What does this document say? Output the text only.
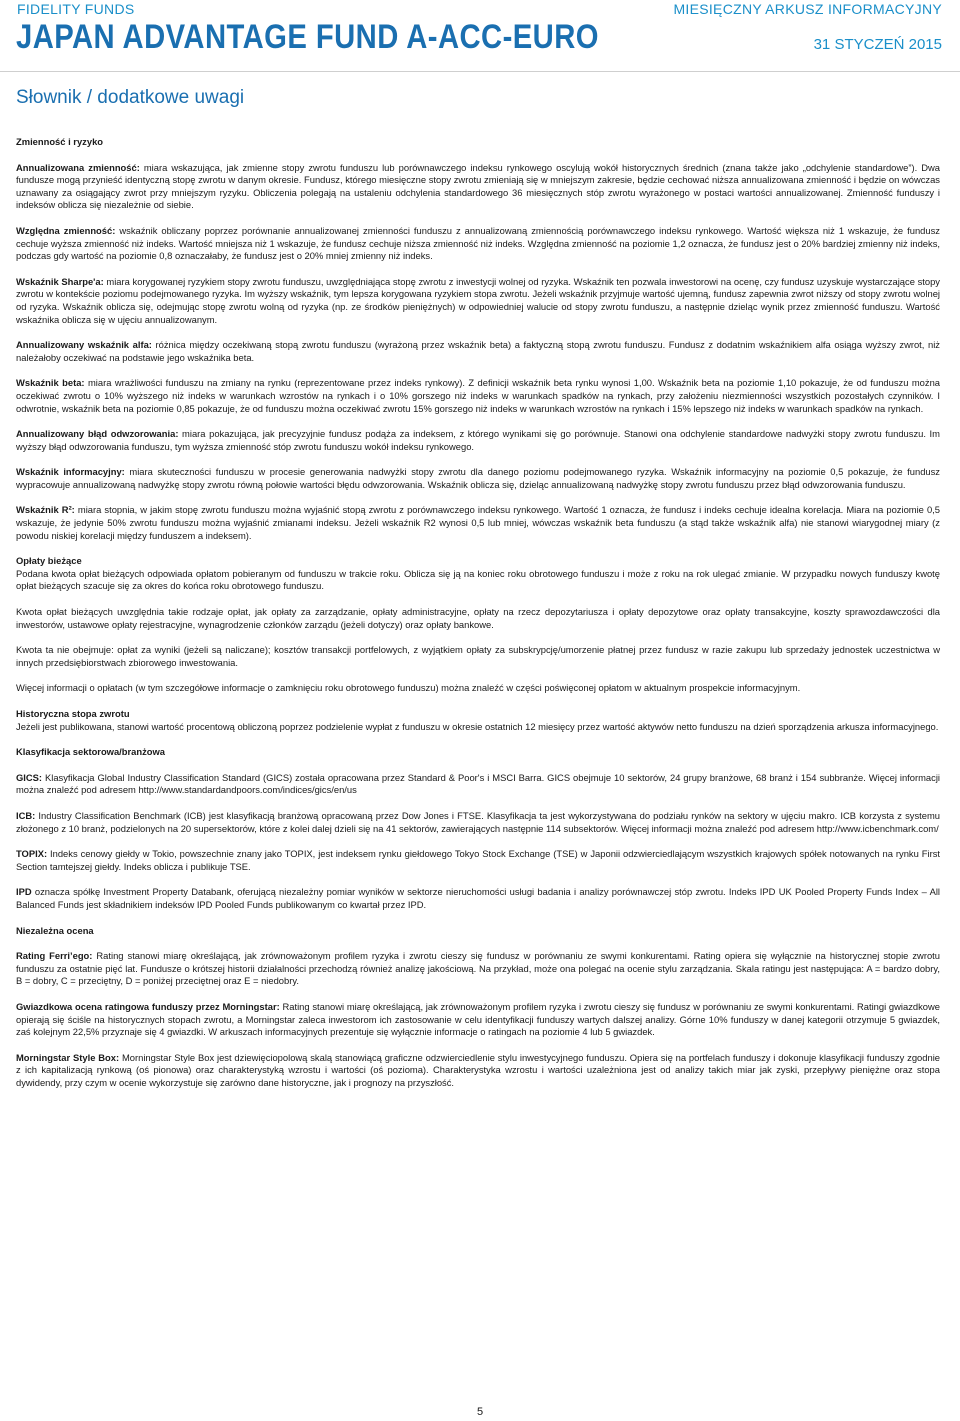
FIDELITY FUNDS
JAPAN ADVANTAGE FUND A-ACC-EURO
MIESIĘCZNY ARKUSZ INFORMACYJNY
31 STYCZEŃ 2015
Słownik / dodatkowe uwagi
Zmienność i ryzyko

Annualizowana zmienność: miara wskazująca, jak zmienne stopy zwrotu funduszu lub porównawczego indeksu rynkowego oscylują wokół historycznych średnich (znana także jako „odchylenie standardowe”). Dwa fundusze mogą przynieść identyczną stopę zwrotu w danym okresie. Fundusz, którego miesięczne stopy zwrotu zmieniają się w mniejszym zakresie, będzie cechować niższa annualizowana zmienność i będzie on wówczas uznawany za osiągający zwrot przy mniejszym ryzyku. Obliczenia polegają na ustaleniu odchylenia standardowego 36 miesięcznych stóp zwrotu wyrażonego w postaci wartości annualizowanej. Zmienność funduszy i indeksów oblicza się niezależnie od siebie.

Względna zmienność: wskaźnik obliczany poprzez porównanie annualizowanej zmienności funduszu z annualizowaną zmiennością porównawczego indeksu rynkowego. Wartość większa niż 1 wskazuje, że fundusz cechuje wyższa zmienność niż indeks. Wartość mniejsza niż 1 wskazuje, że fundusz cechuje niższa zmienność niż indeks. Względna zmienność na poziomie 1,2 oznacza, że fundusz jest o 20% bardziej zmienny niż indeks, podczas gdy wartość na poziomie 0,8 oznaczałaby, że fundusz jest o 20% mniej zmienny niż indeks.

Wskaźnik Sharpe'a: miara korygowanej ryzykiem stopy zwrotu funduszu, uwzględniająca stopę zwrotu z inwestycji wolnej od ryzyka. Wskaźnik ten pozwala inwestorowi na ocenę, czy fundusz uzyskuje wystarczające stopy zwrotu w kontekście poziomu podejmowanego ryzyka. Im wyższy wskaźnik, tym lepsza korygowana ryzykiem stopa zwrotu. Jeżeli wskaźnik przyjmuje wartość ujemną, fundusz zapewnia zwrot niższy od stopy zwrotu wolnej od ryzyka. Wskaźnik oblicza się, odejmując stopę zwrotu wolną od ryzyka (np. ze środków pieniężnych) w odpowiedniej walucie od stopy zwrotu funduszu, a następnie dzieląc wynik przez zmienność funduszu. Wartość wskaźnika oblicza się w ujęciu annualizowanym.

Annualizowany wskaźnik alfa: różnica między oczekiwaną stopą zwrotu funduszu (wyrażoną przez wskaźnik beta) a faktyczną stopą zwrotu funduszu. Fundusz z dodatnim wskaźnikiem alfa osiąga wyższy zwrot, niż należałoby oczekiwać na podstawie jego wskaźnika beta.

Wskaźnik beta: miara wrażliwości funduszu na zmiany na rynku (reprezentowane przez indeks rynkowy). Z definicji wskaźnik beta rynku wynosi 1,00. Wskaźnik beta na poziomie 1,10 pokazuje, że od funduszu można oczekiwać zwrotu o 10% wyższego niż indeks w warunkach wzrostów na rynkach i o 10% gorszego niż indeks w warunkach spadków na rynkach, przy założeniu niezmienności wszystkich pozostałych czynników. I odwrotnie, wskaźnik beta na poziomie 0,85 pokazuje, że od funduszu można oczekiwać zwrotu 15% gorszego niż indeks w warunkach wzrostów na rynkach i 15% lepszego niż indeks w warunkach spadków na rynkach.

Annualizowany błąd odwzorowania: miara pokazująca, jak precyzyjnie fundusz podąża za indeksem, z którego wynikami się go porównuje. Stanowi ona odchylenie standardowe nadwyżki stopy zwrotu funduszu. Im wyższy błąd odwzorowania funduszu, tym wyższa zmienność stóp zwrotu funduszu wokół indeksu rynkowego.

Wskaźnik informacyjny: miara skuteczności funduszu w procesie generowania nadwyżki stopy zwrotu dla danego poziomu podejmowanego ryzyka. Wskaźnik informacyjny na poziomie 0,5 pokazuje, że fundusz wypracowuje annualizowaną nadwyżkę stopy zwrotu równą połowie wartości błędu odwzorowania. Wskaźnik oblicza się, dzieląc annualizowaną nadwyżkę stopy zwrotu funduszu przez błąd odwzorowania funduszu.

Wskaźnik R²: miara stopnia, w jakim stopę zwrotu funduszu można wyjaśnić stopą zwrotu z porównawczego indeksu rynkowego. Wartość 1 oznacza, że fundusz i indeks cechuje idealna korelacja. Miara na poziomie 0,5 wskazuje, że jedynie 50% zwrotu funduszu można wyjaśnić zmianami indeksu. Jeżeli wskaźnik R2 wynosi 0,5 lub mniej, wówczas wskaźnik beta funduszu (a stąd także wskaźnik alfa) nie stanowi wiarygodnej miary (z powodu niskiej korelacji między funduszem a indeksem).

Opłaty bieżące

Podana kwota opłat bieżących odpowiada opłatom pobieranym od funduszu w trakcie roku. Oblicza się ją na koniec roku obrotowego funduszu i może z roku na rok ulegać zmianie. W przypadku nowych funduszy kwotę opłat bieżących szacuje się za okres do końca roku obrotowego funduszu.

Kwota opłat bieżących uwzględnia takie rodzaje opłat, jak opłaty za zarządzanie, opłaty administracyjne, opłaty na rzecz depozytariusza i opłaty depozytowe oraz opłaty transakcyjne, koszty sprawozdawczości dla inwestorów, ustawowe opłaty rejestracyjne, wynagrodzenie członków zarządu (jeżeli dotyczy) oraz opłaty bankowe.

Kwota ta nie obejmuje: opłat za wyniki (jeżeli są naliczane); kosztów transakcji portfelowych, z wyjątkiem opłaty za subskrypcję/umorzenie płatnej przez fundusz w razie zakupu lub sprzedaży jednostek uczestnictwa w innych przedsiębiorstwach zbiorowego inwestowania.

Więcej informacji o opłatach (w tym szczegółowe informacje o zamknięciu roku obrotowego funduszu) można znaleźć w części poświęconej opłatom w aktualnym prospekcie informacyjnym.

Historyczna stopa zwrotu

Jeżeli jest publikowana, stanowi wartość procentową obliczoną poprzez podzielenie wypłat z funduszu w okresie ostatnich 12 miesięcy przez wartość aktywów netto funduszu na dzień sporządzenia arkusza informacyjnego.

Klasyfikacja sektorowa/branżowa

GICS: Klasyfikacja Global Industry Classification Standard (GICS) została opracowana przez Standard & Poor's i MSCI Barra. GICS obejmuje 10 sektorów, 24 grupy branżowe, 68 branż i 154 subbranże. Więcej informacji można znaleźć pod adresem http://www.standardandpoors.com/indices/gics/en/us

ICB: Industry Classification Benchmark (ICB) jest klasyfikacją branżową opracowaną przez Dow Jones i FTSE. Klasyfikacja ta jest wykorzystywana do podziału rynków na sektory w ujęciu makro. ICB korzysta z systemu złożonego z 10 branż, podzielonych na 20 supersektorów, które z kolei dalej dzieli się na 41 sektorów, zawierających następnie 114 subsektorów. Więcej informacji można znaleźć pod adresem http://www.icbenchmark.com/

TOPIX: Indeks cenowy giełdy w Tokio, powszechnie znany jako TOPIX, jest indeksem rynku giełdowego Tokyo Stock Exchange (TSE) w Japonii odzwierciedlającym wszystkich krajowych spółek notowanych na rynku First Section tamtejszej giełdy. Indeks oblicza i publikuje TSE.

IPD oznacza spółkę Investment Property Databank, oferującą niezależny pomiar wyników w sektorze nieruchomości usługi badania i analizy porównawczej stóp zwrotu. Indeks IPD UK Pooled Property Funds Index – All Balanced Funds jest składnikiem indeksów IPD Pooled Funds publikowanym co kwartał przez IPD.

Niezależna ocena

Rating Ferri’ego: Rating stanowi miarę określającą, jak zrównoważonym profilem ryzyka i zwrotu cieszy się fundusz w porównaniu ze swymi konkurentami. Rating opiera się wyłącznie na historycznej stopie zwrotu funduszu za ostatnie pięć lat. Fundusze o krótszej historii działalności przechodzą również analizę jakościową. Na przykład, może ona polegać na ocenie stylu zarządzania. Skala ratingu jest następująca: A = bardzo dobry, B = dobry, C = przeciętny, D = poniżej przeciętnej oraz E = niedobry.

Gwiazdkowa ocena ratingowa funduszy przez Morningstar: Rating stanowi miarę określającą, jak zrównoważonym profilem ryzyka i zwrotu cieszy się fundusz w porównaniu ze swymi konkurentami. Ratingi gwiazdkowe opierają się ściśle na historycznych stopach zwrotu, a Morningstar zaleca inwestorom ich zastosowanie w celu identyfikacji funduszy wartych dalszej analizy. Górne 10% funduszy w danej kategorii otrzymuje 5 gwiazdek, zaś kolejnym 22,5% przyznaje się 4 gwiazdki. W arkuszach informacyjnych prezentuje się wyłącznie informacje o ratingach na poziomie 4 lub 5 gwiazdek.

Morningstar Style Box: Morningstar Style Box jest dziewięciopolową skalą stanowiącą graficzne odzwierciedlenie stylu inwestycyjnego funduszu. Opiera się na portfelach funduszy i dokonuje klasyfikacji funduszy zgodnie z ich kapitalizacją rynkową (oś pionowa) oraz charakterystyką wzrostu i wartości (oś pozioma). Charakterystyka wzrostu i wartości uzależniona jest od analizy takich miar jak zyski, przepływy pieniężne oraz stopa dywidendy, przy czym w ocenie wykorzystuje się zarówno dane historyczne, jak i prognozy na przyszłość.

5
